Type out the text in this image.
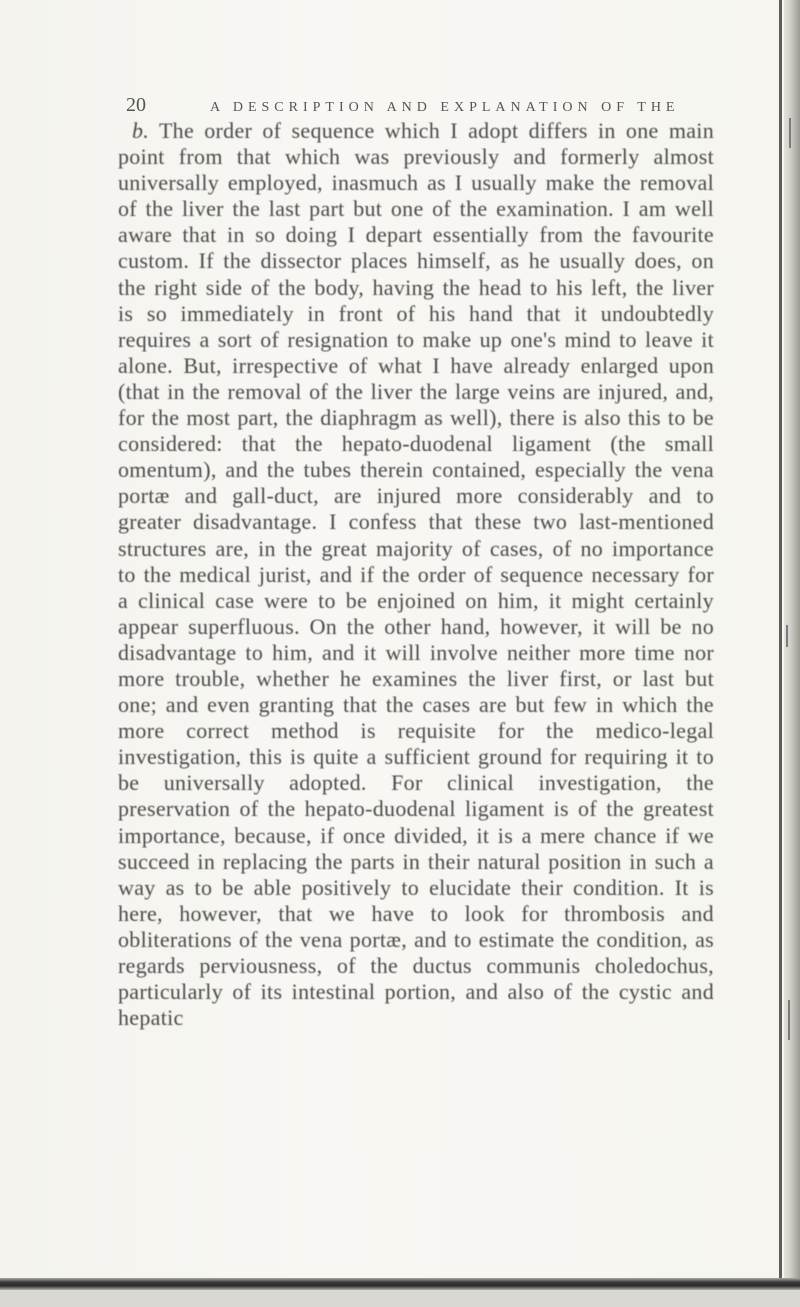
20	A DESCRIPTION AND EXPLANATION OF THE
b. The order of sequence which I adopt differs in one main point from that which was previously and formerly almost universally employed, inasmuch as I usually make the removal of the liver the last part but one of the examination. I am well aware that in so doing I depart essentially from the favourite custom. If the dissector places himself, as he usually does, on the right side of the body, having the head to his left, the liver is so immediately in front of his hand that it undoubtedly requires a sort of resignation to make up one's mind to leave it alone. But, irrespective of what I have already enlarged upon (that in the removal of the liver the large veins are injured, and, for the most part, the diaphragm as well), there is also this to be considered: that the hepato-duodenal ligament (the small omentum), and the tubes therein contained, especially the vena portæ and gall-duct, are injured more considerably and to greater disadvantage. I confess that these two last-mentioned structures are, in the great majority of cases, of no importance to the medical jurist, and if the order of sequence necessary for a clinical case were to be enjoined on him, it might certainly appear superfluous. On the other hand, however, it will be no disadvantage to him, and it will involve neither more time nor more trouble, whether he examines the liver first, or last but one; and even granting that the cases are but few in which the more correct method is requisite for the medico-legal investigation, this is quite a sufficient ground for requiring it to be universally adopted. For clinical investigation, the preservation of the hepato-duodenal ligament is of the greatest importance, because, if once divided, it is a mere chance if we succeed in replacing the parts in their natural position in such a way as to be able positively to elucidate their condition. It is here, however, that we have to look for thrombosis and obliterations of the vena portæ, and to estimate the condition, as regards perviousness, of the ductus communis choledochus, particularly of its intestinal portion, and also of the cystic and hepatic
